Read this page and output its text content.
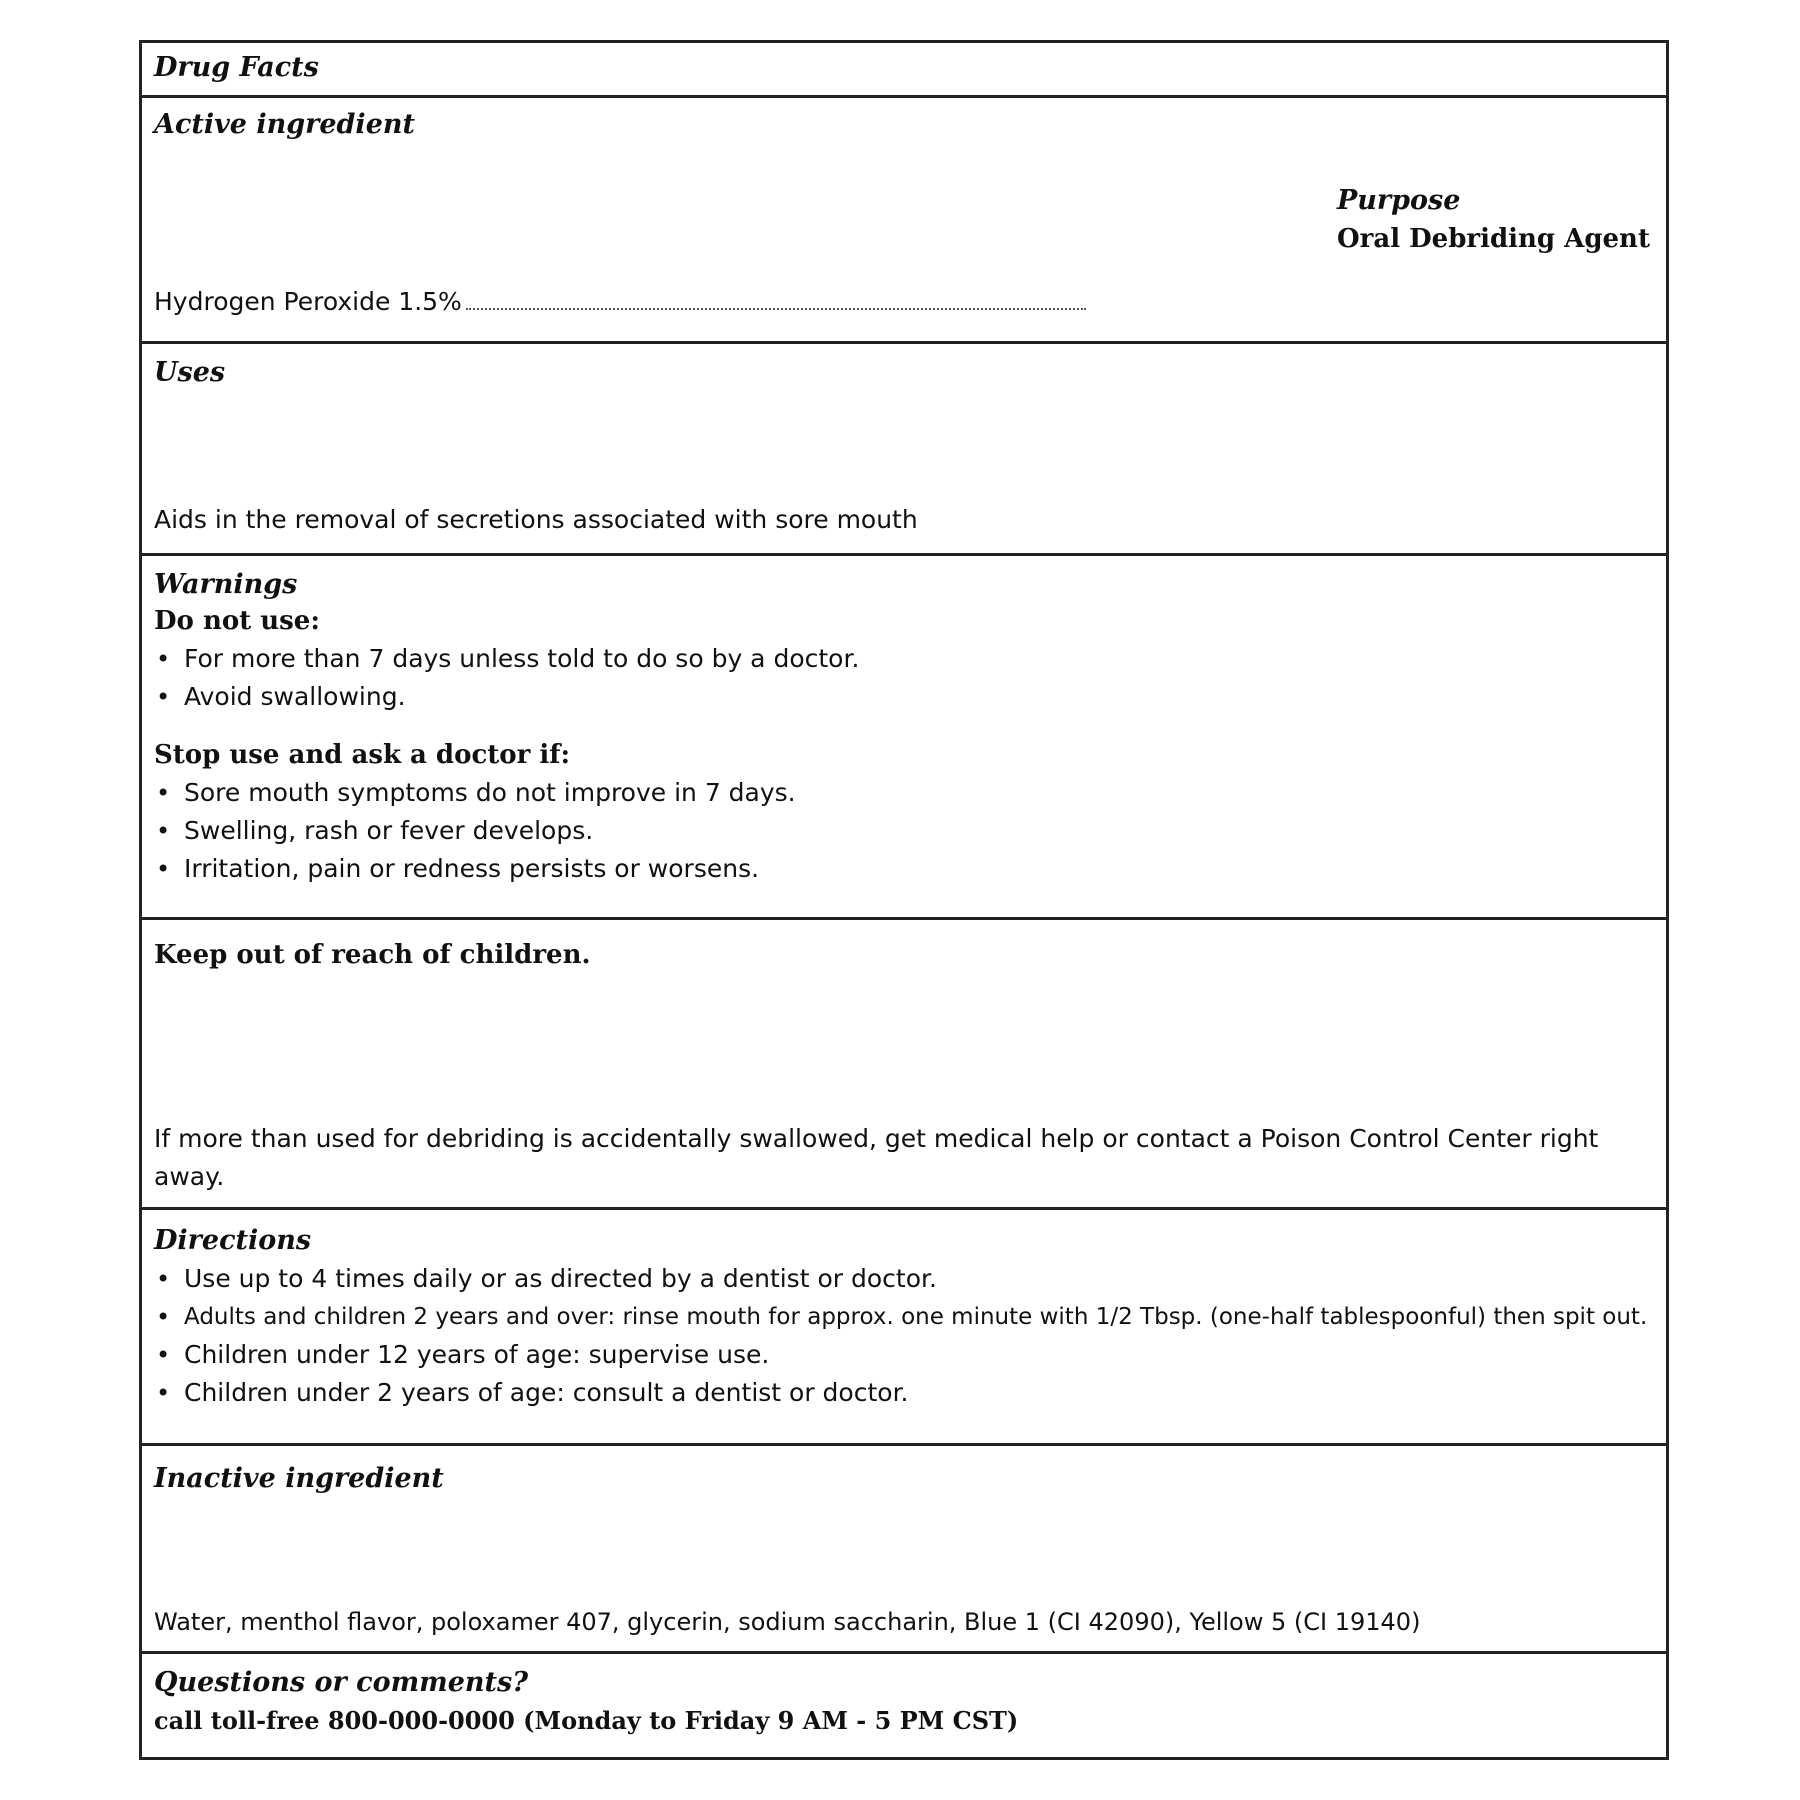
Drug Facts
Active ingredient
Purpose
Oral Debriding Agent
Hydrogen Peroxide 1.5%
Uses
Aids in the removal of secretions associated with sore mouth
Warnings
Do not use:
• For more than 7 days unless told to do so by a doctor.
• Avoid swallowing.
Stop use and ask a doctor if:
• Sore mouth symptoms do not improve in 7 days.
• Swelling, rash or fever develops.
• Irritation, pain or redness persists or worsens.
Keep out of reach of children.
If more than used for debriding is accidentally swallowed, get medical help or contact a Poison Control Center right away.
Directions
• Use up to 4 times daily or as directed by a dentist or doctor.
• Adults and children 2 years and over: rinse mouth for approx. one minute with 1/2 Tbsp. (one-half tablespoonful) then spit out.
• Children under 12 years of age: supervise use.
• Children under 2 years of age: consult a dentist or doctor.
Inactive ingredient
Water, menthol flavor, poloxamer 407, glycerin, sodium saccharin, Blue 1 (CI 42090), Yellow 5 (CI 19140)
Questions or comments?
call toll-free 800-000-0000 (Monday to Friday 9 AM - 5 PM CST)
